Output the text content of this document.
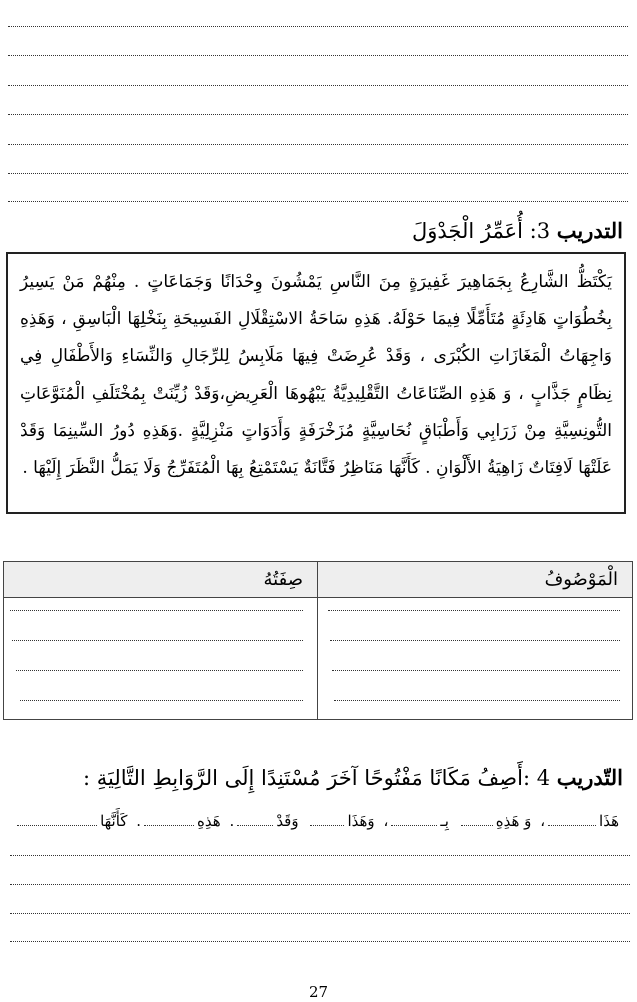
التدريب 3: أُعَمِّرُ الْجَدْوَلَ

يَكْتَظُّ الشَّارِعُ بِجَمَاهِيرَ غَفِيرَةٍ مِنَ النَّاسِ يَمْشُونَ وِحْدَانًا وَجَمَاعَاتٍ . مِنْهُمْ مَنْ يَسِيرُ بِخُطُوَاتٍ هَادِئَةٍ مُتَأَمِّلًا فِيمَا حَوْلَهُ. هَذِهِ سَاحَةُ الاسْتِقْلَالِ الفَسِيحَةِ بِنَخْلِهَا الْبَاسِقِ ، وَهَذِهِ وَاجِهَاتُ الْمَغَازَاتِ الكُبْرَى ، وَقَدْ عُرِضَتْ فِيهَا مَلَابِسُ لِلرِّجَالِ وَالنِّسَاءِ وَالأَطْفَالِ فِي نِظَامٍ جَذَّابٍ ، وَ هَذِهِ الصِّنَاعَاتُ التَّقْلِيدِيَّةُ يَبْهُوهَا الْعَرِيضِ،وَقَدْ زُيِّنَتْ بِمُخْتَلَفِ الْمُنَوَّعَاتِ التُّونِسِيَّةِ مِنْ زَرَابِي وَأَطْبَاقٍ نُحَاسِيَّةٍ مُزَخْرَفَةٍ وَأَدَوَاتٍ مَنْزِلِيَّةٍ .وَهَذِهِ دُورُ السِّينِمَا وَقَدْ عَلَتْهَا لَافِتَاتٌ زَاهِيَةُ الأَلْوَانِ . كَأَنَّهَا مَنَاظِرُ فَتَّانَةٌ يَسْتَمْتِعُ بِهَا الْمُتَفَرِّجُ وَلَا يَمَلُّ النَّظَرَ إِلَيْهَا .

الْمَوْصُوفُ
صِفَتُهُ
التّدريب 4 :أَصِفُ مَكَانًا مَفْتُوحًا آخَرَ مُسْتَنِدًا إِلَى الرَّوَابِطِ التَّالِيَةِ :
هَذَا
،
وَ هَذِهِ
بِـ
،
وَهَذَا
وَقَدْ
.
هَذِهِ
.
كَأَنَّهَا
27
